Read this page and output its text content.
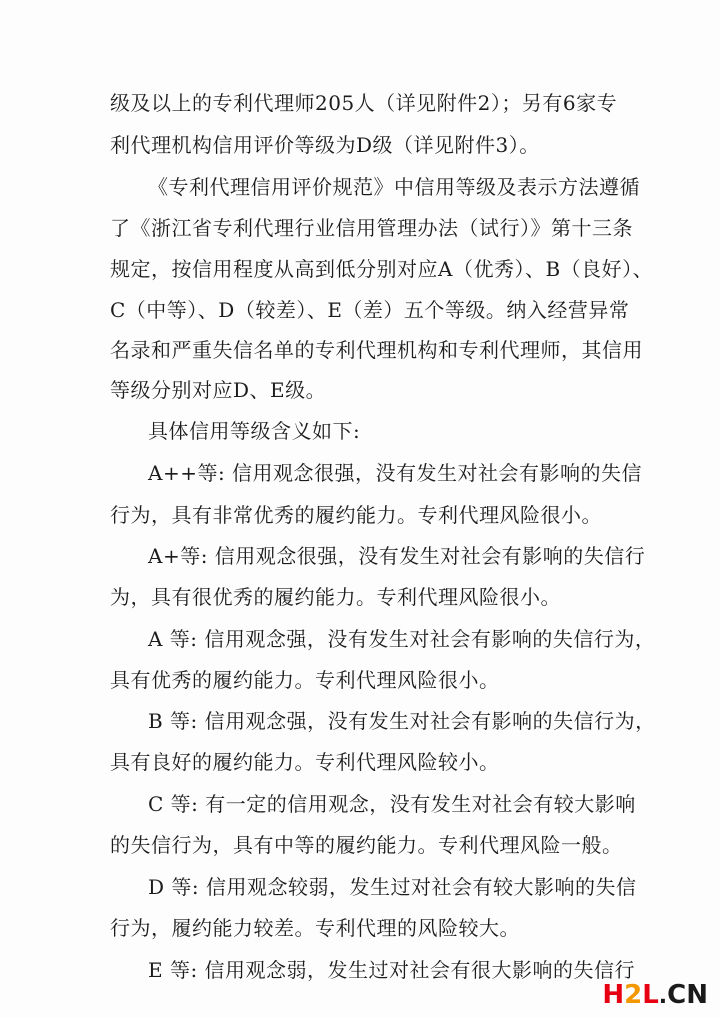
级及以上的专利代理师205人（详见附件2）；另有6家专
利代理机构信用评价等级为D级（详见附件3）。
《专利代理信用评价规范》中信用等级及表示方法遵循
了《浙江省专利代理行业信用管理办法（试行）》第十三条
规定，按信用程度从高到低分别对应A（优秀）、B（良好）、
C（中等）、D（较差）、E（差）五个等级。纳入经营异常
名录和严重失信名单的专利代理机构和专利代理师，其信用
等级分别对应D、E级。
具体信用等级含义如下:
A++等: 信用观念很强，没有发生对社会有影响的失信
行为，具有非常优秀的履约能力。专利代理风险很小。
A+等: 信用观念很强，没有发生对社会有影响的失信行
为，具有很优秀的履约能力。专利代理风险很小。
A 等: 信用观念强，没有发生对社会有影响的失信行为，
具有优秀的履约能力。专利代理风险很小。
B 等: 信用观念强，没有发生对社会有影响的失信行为，
具有良好的履约能力。专利代理风险较小。
C 等: 有一定的信用观念，没有发生对社会有较大影响
的失信行为，具有中等的履约能力。专利代理风险一般。
D 等: 信用观念较弱，发生过对社会有较大影响的失信
行为，履约能力较差。专利代理的风险较大。
E 等: 信用观念弱，发生过对社会有很大影响的失信行
H2L.CN
